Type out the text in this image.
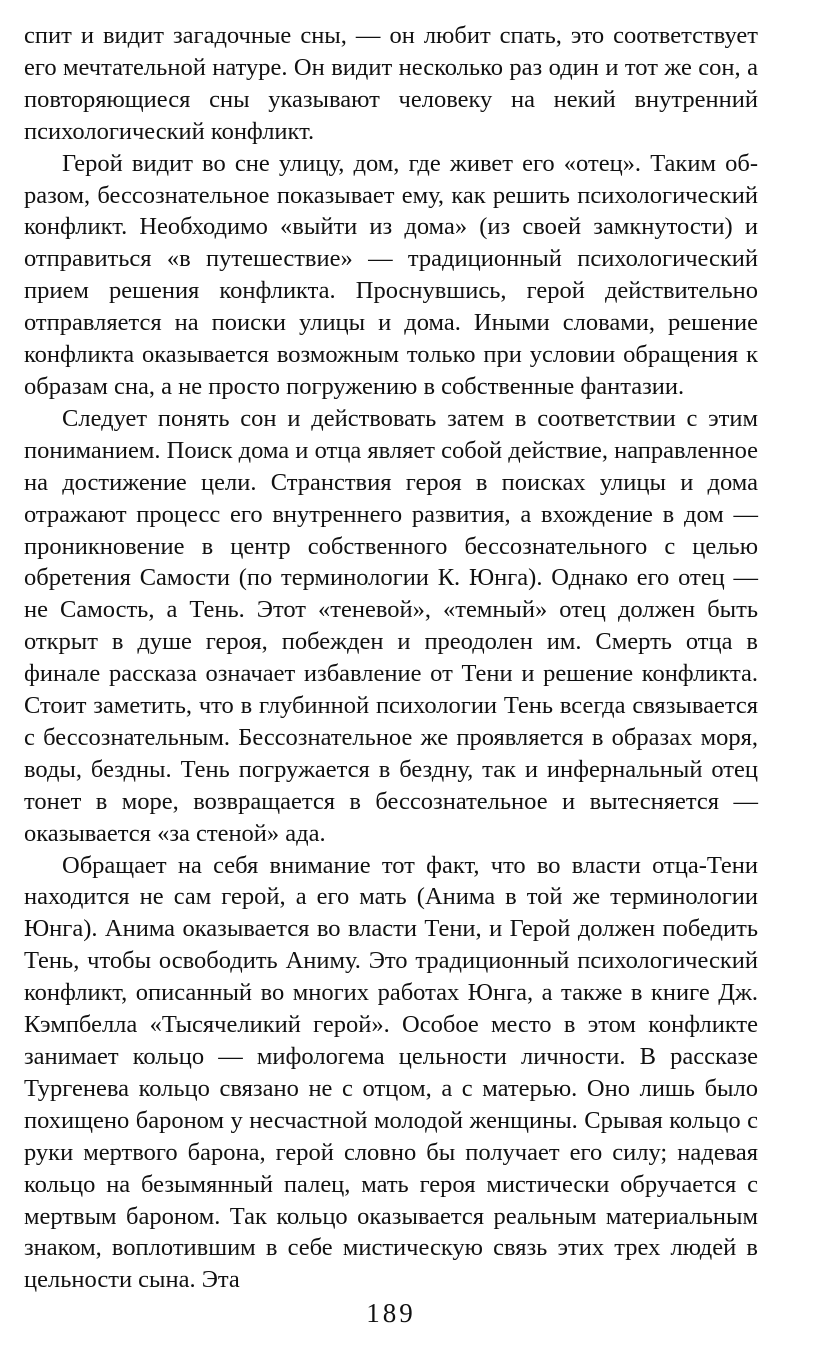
спит и видит загадочные сны, — он любит спать, это соответствует его мечтательной натуре. Он видит несколько раз один и тот же сон, а повторяющиеся сны указывают человеку на некий внутренний психологический конфликт.

Герой видит во сне улицу, дом, где живет его «отец». Таким образом, бессознательное показывает ему, как решить психологический конфликт. Необходимо «выйти из дома» (из своей замкнутости) и отправиться «в путешествие» — традиционный психологический прием решения конфликта. Проснувшись, герой действительно отправляется на поиски улицы и дома. Иными словами, решение конфликта оказывается возможным только при условии обращения к образам сна, а не просто погружению в собственные фантазии.

Следует понять сон и действовать затем в соответствии с этим пониманием. Поиск дома и отца являет собой действие, направленное на достижение цели. Странствия героя в поисках улицы и дома отражают процесс его внутреннего развития, а вхождение в дом — проникновение в центр собственного бессознательного с целью обретения Самости (по терминологии К. Юнга). Однако его отец — не Самость, а Тень. Этот «теневой», «темный» отец должен быть открыт в душе героя, побежден и преодолен им. Смерть отца в финале рассказа означает избавление от Тени и решение конфликта. Стоит заметить, что в глубинной психологии Тень всегда связывается с бессознательным. Бессознательное же проявляется в образах моря, воды, бездны. Тень погружается в бездну, так и инфернальный отец тонет в море, возвращается в бессознательное и вытесняется — оказывается «за стеной» ада.

Обращает на себя внимание тот факт, что во власти отца-Тени находится не сам герой, а его мать (Анима в той же терминологии Юнга). Анима оказывается во власти Тени, и Герой должен победить Тень, чтобы освободить Аниму. Это традиционный психологический конфликт, описанный во многих работах Юнга, а также в книге Дж. Кэмпбелла «Тысячеликий герой». Особое место в этом конфликте занимает кольцо — мифологема цельности личности. В рассказе Тургенева кольцо связано не с отцом, а с матерью. Оно лишь было похищено бароном у несчастной молодой женщины. Срывая кольцо с руки мертвого барона, герой словно бы получает его силу; надевая кольцо на безымянный палец, мать героя мистически обручается с мертвым бароном. Так кольцо оказывается реальным материальным знаком, воплотившим в себе мистическую связь этих трех людей в цельности сына. Эта

189
